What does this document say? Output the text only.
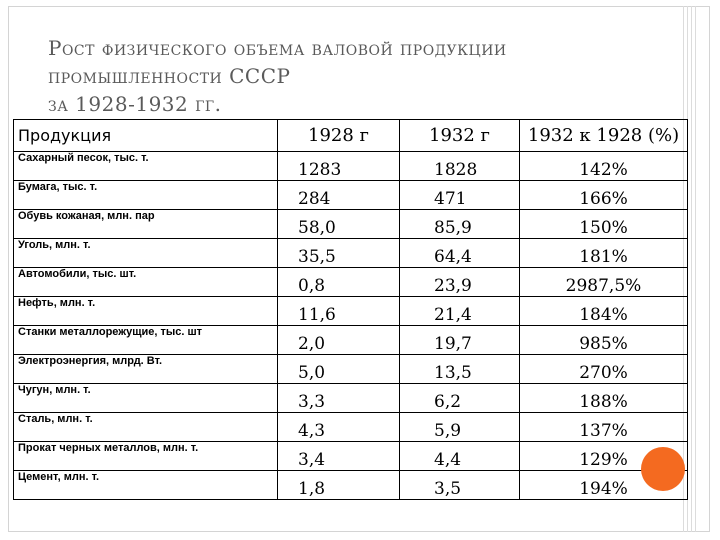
Рост физического объема валовой продукции
промышленности СССР
за 1928-1932 гг.
Продукция	1928 г	1932 г	1932 к 1928 (%)
Сахарный песок, тыс. т.	1283	1828	142%
Бумага, тыс. т.	284	471	166%
Обувь кожаная, млн. пар	58,0	85,9	150%
Уголь, млн. т.	35,5	64,4	181%
Автомобили, тыс. шт.	0,8	23,9	2987,5%
Нефть, млн. т.	11,6	21,4	184%
Станки металлорежущие, тыс. шт	2,0	19,7	985%
Электроэнергия, млрд. Вт.	5,0	13,5	270%
Чугун, млн. т.	3,3	6,2	188%
Сталь, млн. т.	4,3	5,9	137%
Прокат черных металлов, млн. т.	3,4	4,4	129%
Цемент, млн. т.	1,8	3,5	194%
